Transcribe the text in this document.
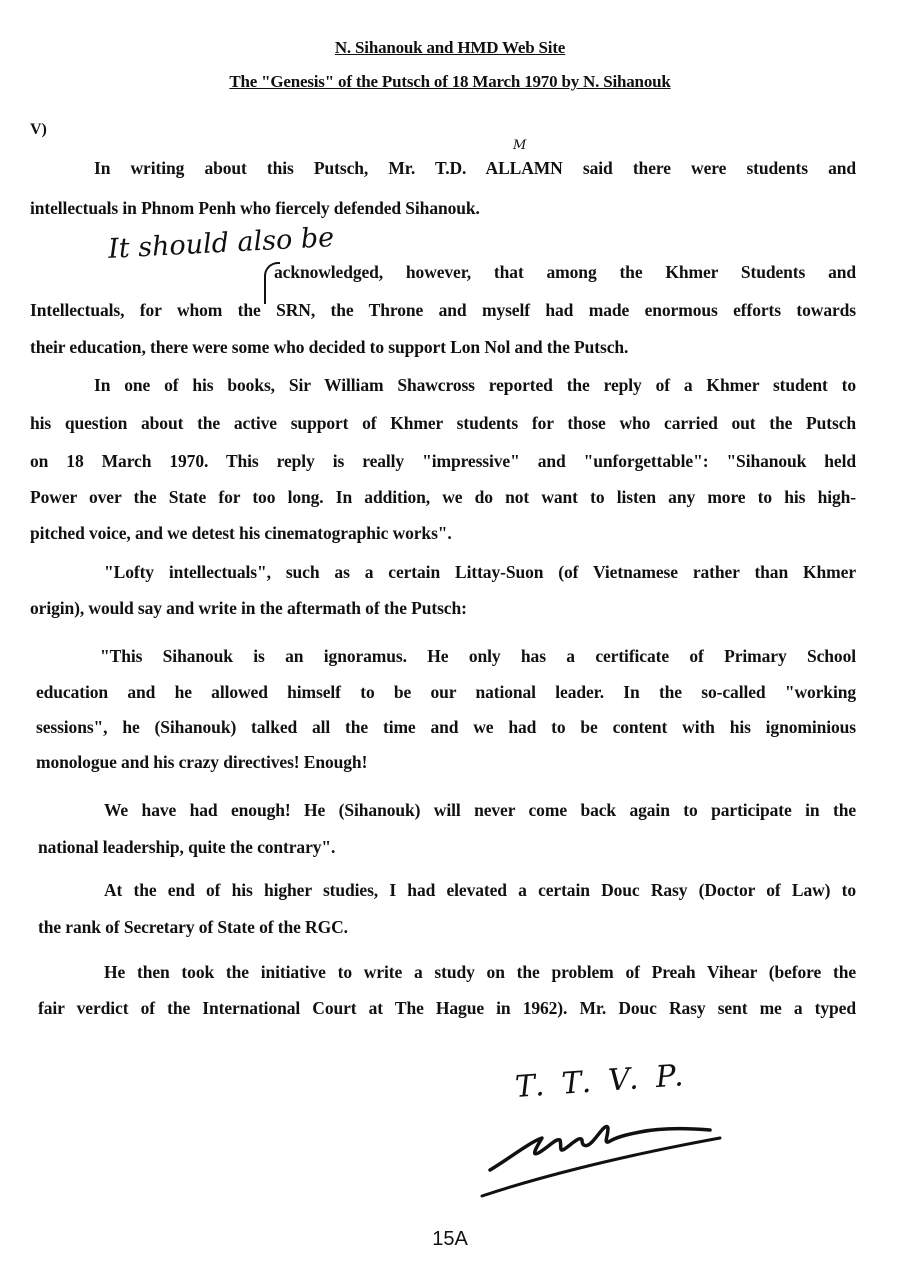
N. Sihanouk and HMD Web Site
The "Genesis" of the Putsch of 18 March 1970 by N. Sihanouk
V)
M
In writing about this Putsch, Mr. T.D. ALLAMN said there were students and
intellectuals in Phnom Penh who fiercely defended Sihanouk.
It should also be
acknowledged, however, that among the Khmer Students and
Intellectuals, for whom the SRN, the Throne and myself had made enormous efforts towards
their education, there were some who decided to support Lon Nol and the Putsch.
In one of his books, Sir William Shawcross reported the reply of a Khmer student to
his question about the active support of Khmer students for those who carried out the Putsch
on 18 March 1970. This reply is really "impressive" and "unforgettable": "Sihanouk held
Power over the State for too long. In addition, we do not want to listen any more to his high-
pitched voice, and we detest his cinematographic works".
"Lofty intellectuals", such as a certain Littay-Suon (of Vietnamese rather than Khmer
origin), would say and write in the aftermath of the Putsch:
"This Sihanouk is an ignoramus. He only has a certificate of Primary School
education and he allowed himself to be our national leader. In the so-called "working
sessions", he (Sihanouk) talked all the time and we had to be content with his ignominious
monologue and his crazy directives! Enough!
We have had enough! He (Sihanouk) will never come back again to participate in the
national leadership, quite the contrary".
At the end of his higher studies, I had elevated a certain Douc Rasy (Doctor of Law) to
the rank of Secretary of State of the RGC.
He then took the initiative to write a study on the problem of Preah Vihear (before the
fair verdict of the International Court at The Hague in 1962). Mr. Douc Rasy sent me a typed
T. T. V. P.
15A
